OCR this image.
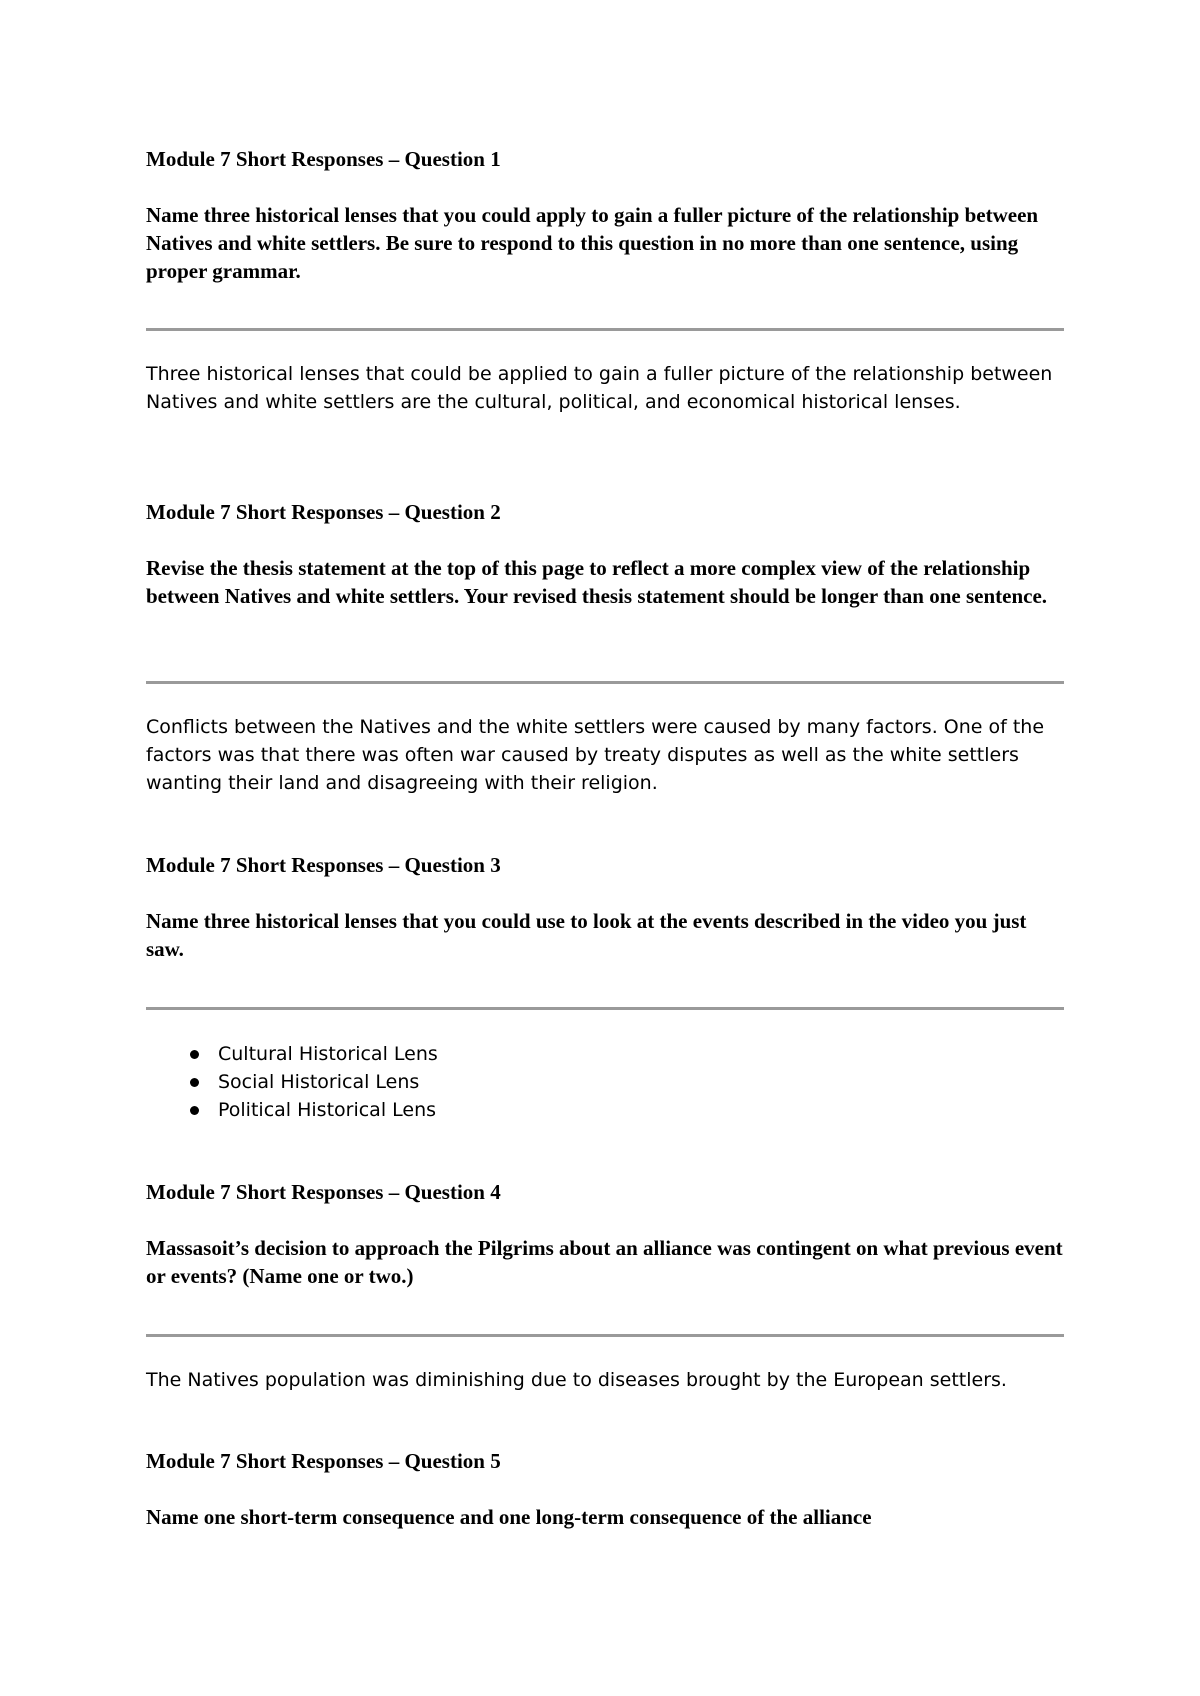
Module 7 Short Responses – Question 1

Name three historical lenses that you could apply to gain a fuller picture of the relationship between Natives and white settlers. Be sure to respond to this question in no more than one sentence, using proper grammar.

Three historical lenses that could be applied to gain a fuller picture of the relationship between Natives and white settlers are the cultural, political, and economical historical lenses.

Module 7 Short Responses – Question 2

Revise the thesis statement at the top of this page to reflect a more complex view of the relationship between Natives and white settlers. Your revised thesis statement should be longer than one sentence.

Conflicts between the Natives and the white settlers were caused by many factors. One of the factors was that there was often war caused by treaty disputes as well as the white settlers wanting their land and disagreeing with their religion.

Module 7 Short Responses – Question 3

Name three historical lenses that you could use to look at the events described in the video you just saw.

Cultural Historical Lens
Social Historical Lens
Political Historical Lens

Module 7 Short Responses – Question 4

Massasoit’s decision to approach the Pilgrims about an alliance was contingent on what previous event or events? (Name one or two.)

The Natives population was diminishing due to diseases brought by the European settlers.

Module 7 Short Responses – Question 5

Name one short-term consequence and one long-term consequence of the alliance
